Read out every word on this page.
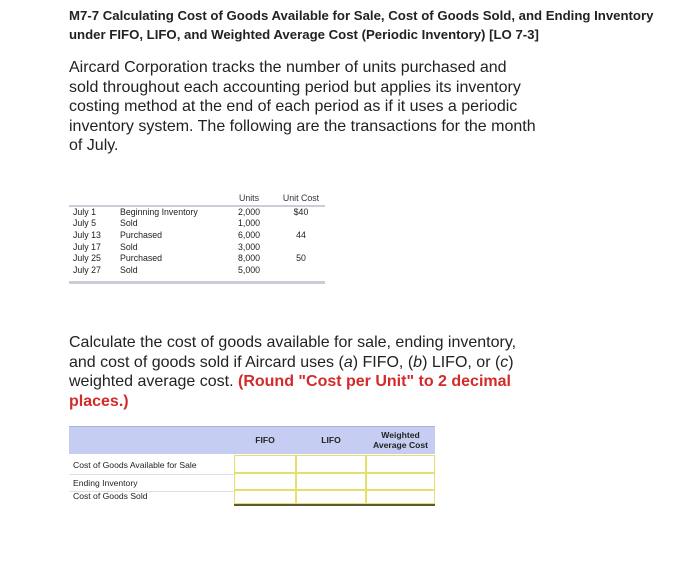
M7-7 Calculating Cost of Goods Available for Sale, Cost of Goods Sold, and Ending Inventory under FIFO, LIFO, and Weighted Average Cost (Periodic Inventory) [LO 7-3]
Aircard Corporation tracks the number of units purchased and sold throughout each accounting period but applies its inventory costing method at the end of each period as if it uses a periodic inventory system. The following are the transactions for the month of July.
Units	Unit Cost
July 1	Beginning Inventory	2,000	$40
July 5	Sold	1,000
July 13 Purchased	6,000	44
July 17 Sold	3,000
July 25 Purchased	8,000	50
July 27 Sold	5,000
Calculate the cost of goods available for sale, ending inventory, and cost of goods sold if Aircard uses (a) FIFO, (b) LIFO, or (c) weighted average cost. (Round "Cost per Unit" to 2 decimal places.)
FIFO	LIFO	Weighted
Average Cost
Cost of Goods Available for Sale
Ending Inventory
Cost of Goods Sold
